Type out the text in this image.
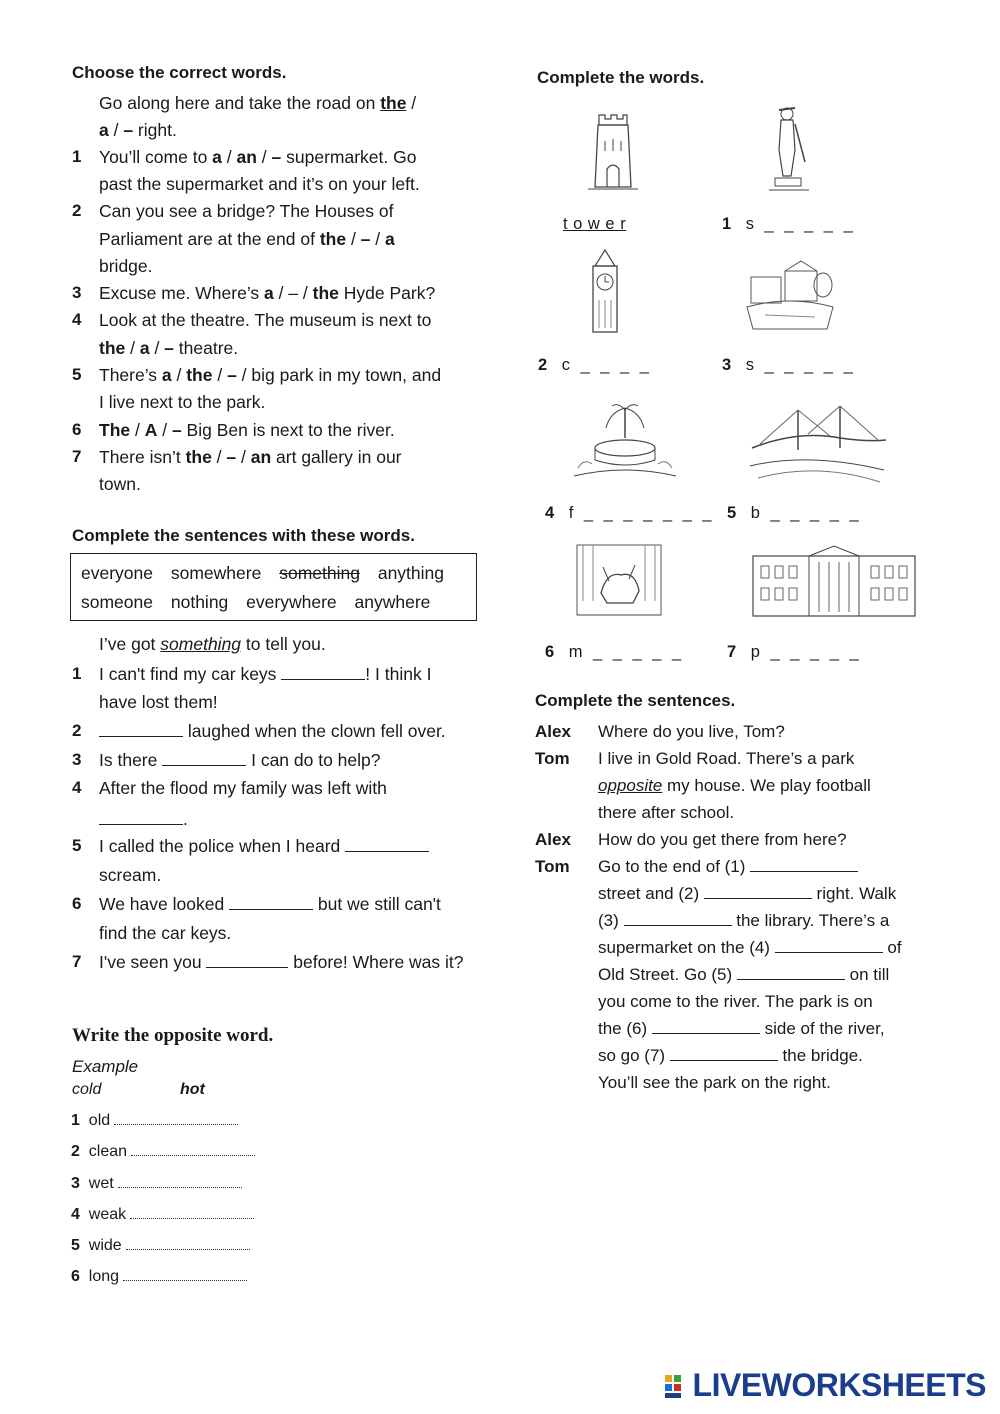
Choose the correct words.
Go along here and take the road on the /
a / – right.
1 You’ll come to a / an / – supermarket. Go
past the supermarket and it’s on your left.
2 Can you see a bridge? The Houses of
Parliament are at the end of the / – / a
bridge.
3 Excuse me. Where’s a / – / the Hyde Park?
4 Look at the theatre. The museum is next to
the / a / – theatre.
5 There’s a / the / – / big park in my town, and
I live next to the park.
6 The / A / – Big Ben is next to the river.
7 There isn’t the / – / an art gallery in our
town.
Complete the sentences with these words.
everyone somewhere something anything
someone nothing everywhere anywhere
I’ve got something to tell you.
1 I can't find my car keys	! I think I
have lost them!
2	laughed when the clown fell over.
3 Is there	I can do to help?
4 After the flood my family was left with
.
5 I called the police when I heard
scream.
6 We have looked	but we still can't
find the car keys.
7 I've seen you	before! Where was it?
Write the opposite word.
Example
cold	hot
1 old
2 clean
3 wet
4 weak
5 wide
6 long
Complete the words.
t o w e r	1 s _ _ _ _ _
2 c _ _ _ _	3 s _ _ _ _ _
4 f _ _ _ _ _ _ _ 5 b _ _ _ _ _
6 m _ _ _ _ _	7 p _ _ _ _ _
Complete the sentences.
Alex Where do you live, Tom?
Tom I live in Gold Road. There’s a park
opposite my house. We play football
there after school.
Alex How do you get there from here?
Tom Go to the end of (1)
street and (2)	right. Walk
(3)	the library. There’s a
supermarket on the (4)	of
Old Street. Go (5)	on till
you come to the river. The park is on
the (6)	side of the river,
so go (7)	the bridge.
You’ll see the park on the right.
LIVEWORKSHEETS
